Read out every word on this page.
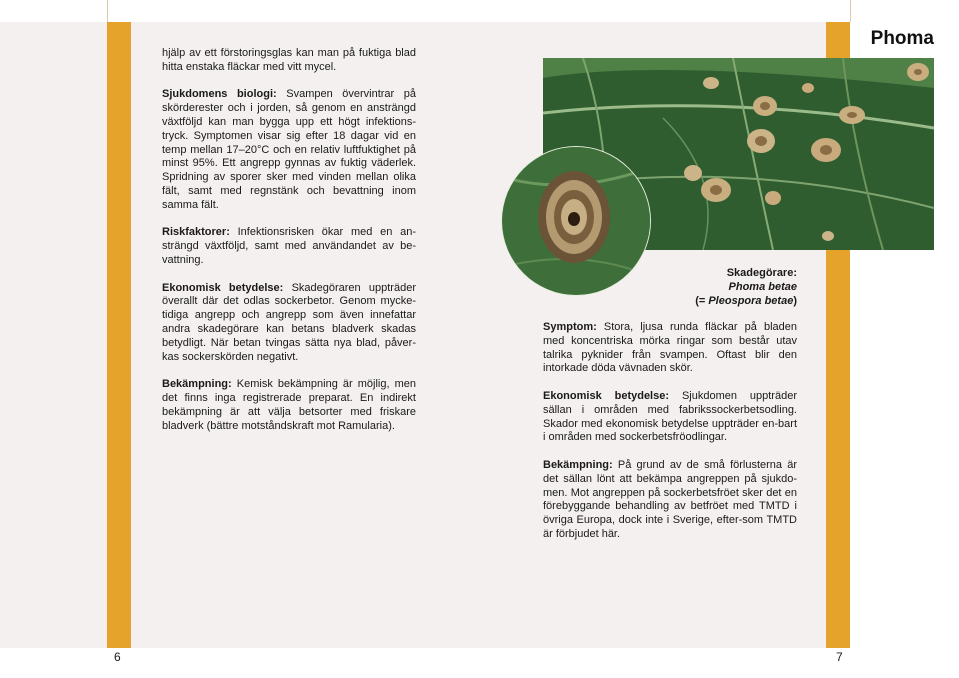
Phoma

hjälp av ett förstoringsglas kan man på fuktiga blad hitta enstaka fläckar med vitt mycel.

Sjukdomens biologi: Svampen övervintrar på skörderester och i jorden, så genom en ansträngd växtföljd kan man bygga upp ett högt infektions-tryck. Symptomen visar sig efter 18 dagar vid en temp mellan 17–20°C och en relativ luftfuktighet på minst 95%. Ett angrepp gynnas av fuktig väderlek. Spridning av sporer sker med vinden mellan olika fält, samt med regnstänk och bevattning inom samma fält.

Riskfaktorer: Infektionsrisken ökar med en an-strängd växtföljd, samt med användandet av be-vattning.

Ekonomisk betydelse: Skadegöraren uppträder överallt där det odlas sockerbetor. Genom mycke-tidiga angrepp och angrepp som även innefattar andra skadegörare kan betans bladverk skadas betydligt. När betan tvingas sätta nya blad, påver-kas sockerskörden negativt.

Bekämpning: Kemisk bekämpning är möjlig, men det finns inga registrerade preparat. En indirekt bekämpning är att välja betsorter med friskare bladverk (bättre motståndskraft mot Ramularia).

Skadegörare:
Phoma betae
(= Pleospora betae)

Symptom: Stora, ljusa runda fläckar på bladen med koncentriska mörka ringar som består utav talrika pyknider från svampen. Oftast blir den intorkade döda vävnaden skör.

Ekonomisk betydelse: Sjukdomen uppträder sällan i områden med fabrikssockerbetsodling. Skador med ekonomisk betydelse uppträder en-bart i områden med sockerbetsfröodlingar.

Bekämpning: På grund av de små förlusterna är det sällan lönt att bekämpa angreppen på sjukdo-men. Mot angreppen på sockerbetsfröet sker det en förebyggande behandling av betfröet med TMTD i övriga Europa, dock inte i Sverige, efter-som TMTD är förbjudet här.

6	7
